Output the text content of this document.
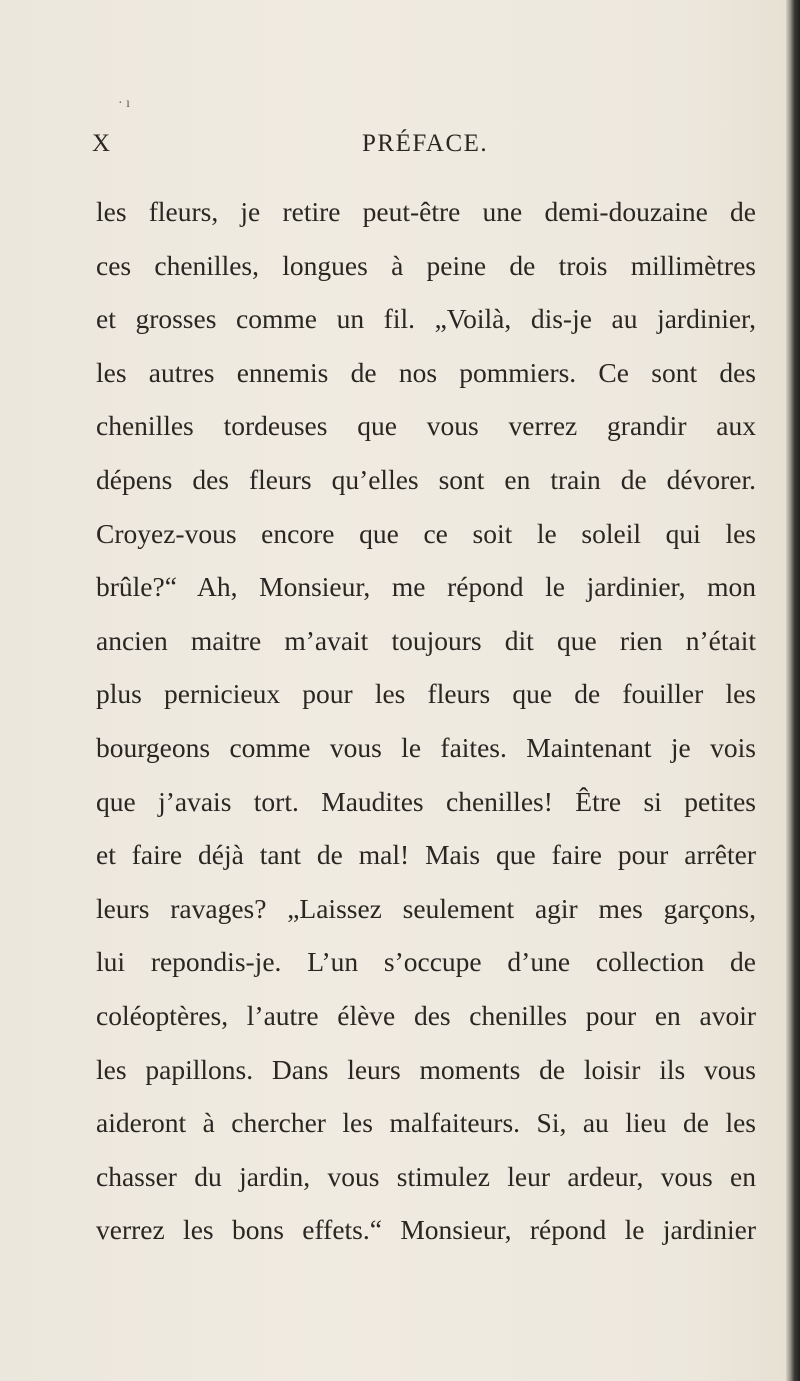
· ı
X	PRÉFACE.
les fleurs, je retire peut-être une demi-douzaine de
ces chenilles, longues à peine de trois millimètres
et grosses comme un fil. „Voilà, dis-je au jardinier,
les autres ennemis de nos pommiers. Ce sont des
chenilles tordeuses que vous verrez grandir aux
dépens des fleurs qu’elles sont en train de dévorer.
Croyez-vous encore que ce soit le soleil qui les
brûle?“ Ah, Monsieur, me répond le jardinier, mon
ancien maitre m’avait toujours dit que rien n’était
plus pernicieux pour les fleurs que de fouiller les
bourgeons comme vous le faites. Maintenant je vois
que j’avais tort. Maudites chenilles! Être si petites
et faire déjà tant de mal! Mais que faire pour arrêter
leurs ravages? „Laissez seulement agir mes garçons,
lui repondis-je. L’un s’occupe d’une collection de
coléoptères, l’autre élève des chenilles pour en avoir
les papillons. Dans leurs moments de loisir ils vous
aideront à chercher les malfaiteurs. Si, au lieu de les
chasser du jardin, vous stimulez leur ardeur, vous en
verrez les bons effets.“ Monsieur, répond le jardinier
